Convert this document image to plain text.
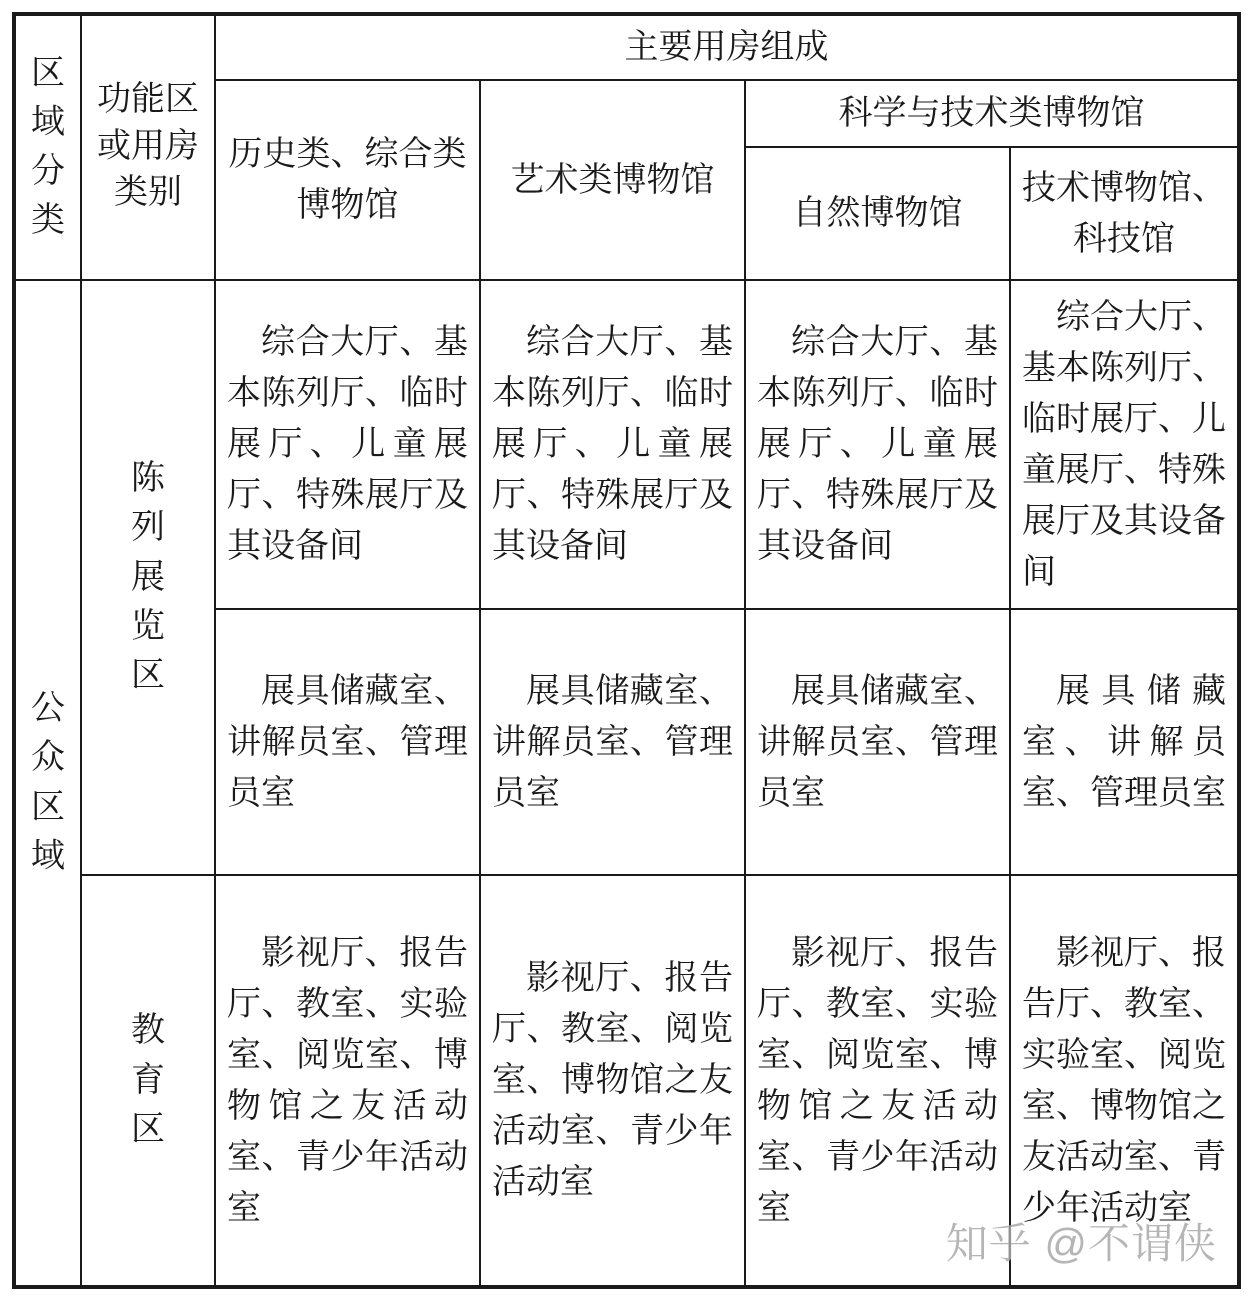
区域分类	功能区或用房类别	主要用房组成			
		历史类、综合类博物馆	艺术类博物馆	科学与技术类博物馆	
				自然博物馆	技术博物馆、科技馆
公众区域	陈列展览区	综合大厅、基本陈列厅、临时展厅、儿童展厅、特殊展厅及其设备间	综合大厅、基本陈列厅、临时展厅、儿童展厅、特殊展厅及其设备间	综合大厅、基本陈列厅、临时展厅、儿童展厅、特殊展厅及其设备间	综合大厅、基本陈列厅、临时展厅、儿童展厅、特殊展厅及其设备间
		展具储藏室、讲解员室、管理员室	展具储藏室、讲解员室、管理员室	展具储藏室、讲解员室、管理员室	展具储藏室、讲解员室、管理员室
	教育区	影视厅、报告厅、教室、实验室、阅览室、博物馆之友活动室、青少年活动室	影视厅、报告厅、教室、阅览室、博物馆之友活动室、青少年活动室	影视厅、报告厅、教室、实验室、阅览室、博物馆之友活动室、青少年活动室	影视厅、报告厅、教室、实验室、阅览室、博物馆之友活动室、青少年活动室
知乎 @不谓侠
